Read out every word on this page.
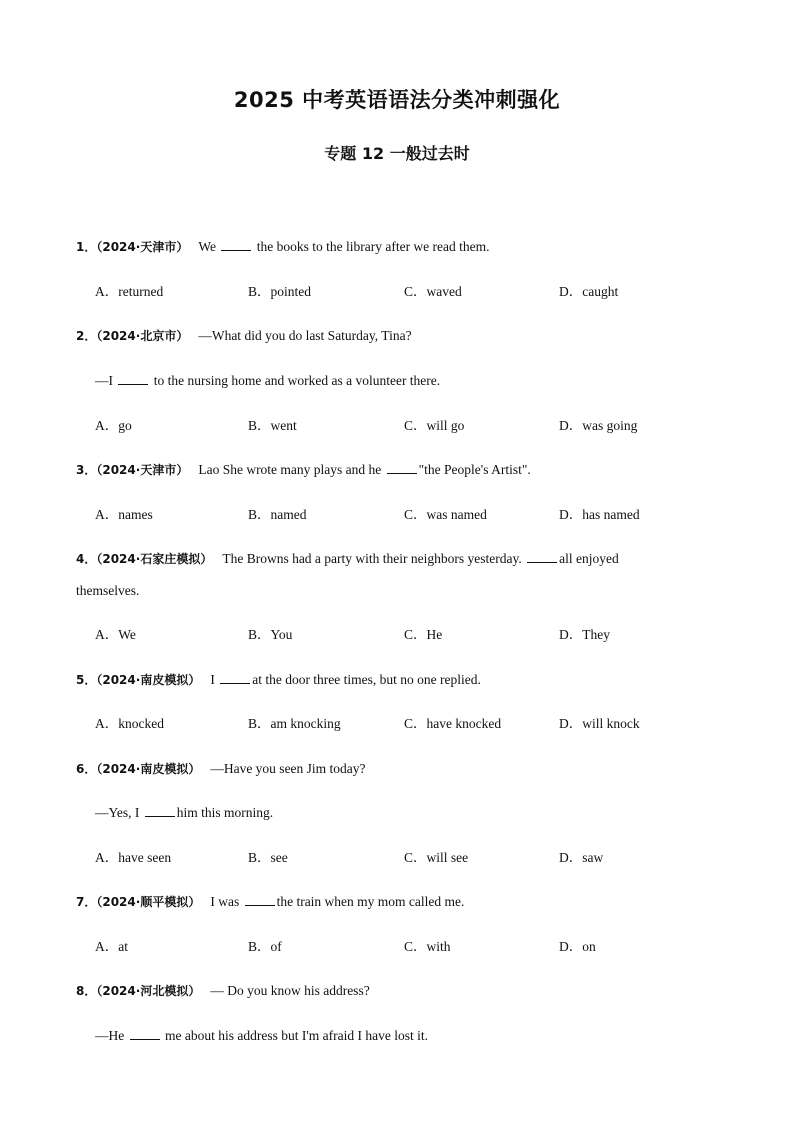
2025 中考英语语法分类冲刺强化
专题 12 一般过去时
1．（2024·天津市） We	the books to the library after we read them.
A．returned	B．pointed	C．waved	D．caught
2．（2024·北京市） —What did you do last Saturday, Tina?
—I	to the nursing home and worked as a volunteer there.
A．go	B．went	C．will go	D．was going
3．（2024·天津市） Lao She wrote many plays and he	"the People's Artist".
A．names	B．named	C．was named	D．has named
4．（2024·石家庄模拟） The Browns had a party with their neighbors yesterday.	all enjoyed
themselves.
A．We	B．You	C．He	D．They
5．（2024·南皮模拟） I	at the door three times, but no one replied.
A．knocked	B．am knocking	C．have knocked	D．will knock
6．（2024·南皮模拟） —Have you seen Jim today?
—Yes, I	him this morning.
A．have seen	B．see	C．will see	D．saw
7．（2024·顺平模拟） I was	the train when my mom called me.
A．at	B．of	C．with	D．on
8．（2024·河北模拟） — Do you know his address?
—He	me about his address but I'm afraid I have lost it.
